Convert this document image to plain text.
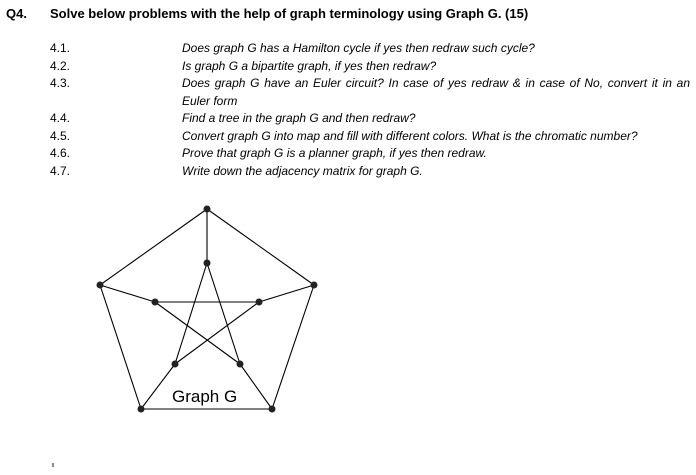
Q4. Solve below problems with the help of graph terminology using Graph G. (15)
4.1.	Does graph G has a Hamilton cycle if yes then redraw such cycle?
4.2.	Is graph G a bipartite graph, if yes then redraw?
4.3.	Does graph G have an Euler circuit? In case of yes redraw & in case of No, convert it in an Euler form
4.4.	Find a tree in the graph G and then redraw?
4.5.	Convert graph G into map and fill with different colors. What is the chromatic number?
4.6.	Prove that graph G is a planner graph, if yes then redraw.
4.7.	Write down the adjacency matrix for graph G.
Graph G
